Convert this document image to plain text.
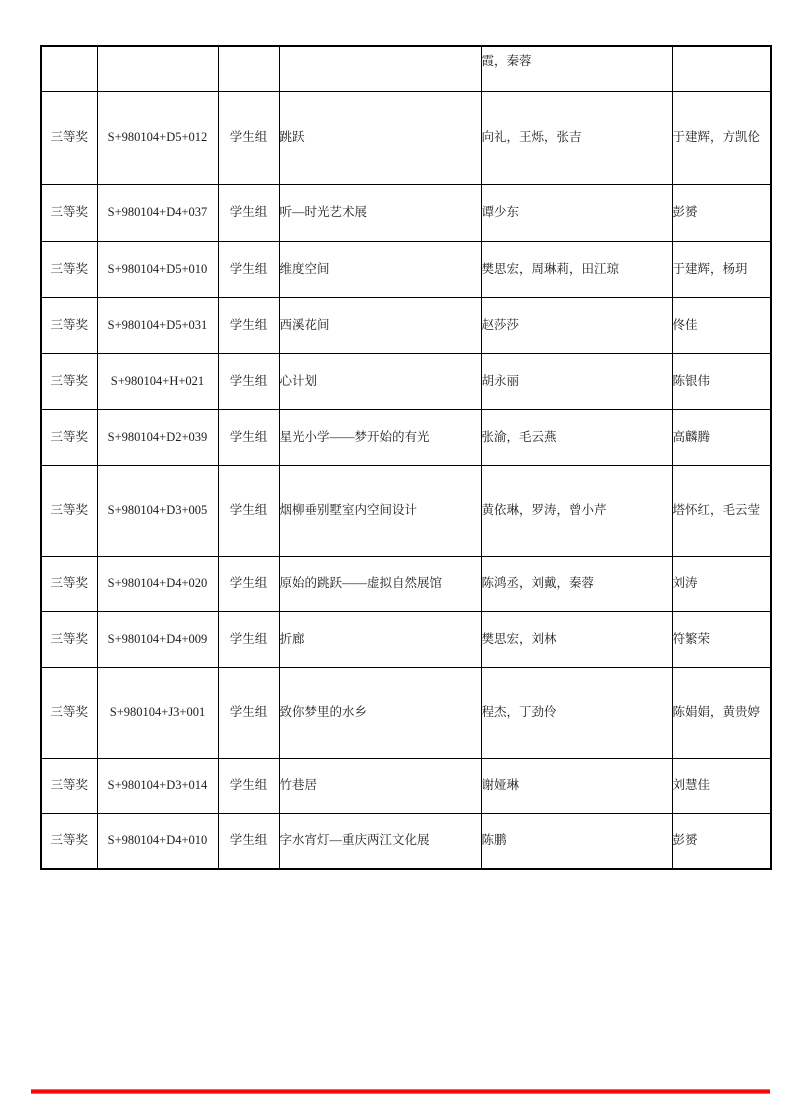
				霞，秦蓉	
三等奖	S+980104+D5+012	学生组	跳跃	向礼，王烁，张吉	于建辉，方凯伦
三等奖	S+980104+D4+037	学生组	听—时光艺术展	谭少东	彭赟
三等奖	S+980104+D5+010	学生组	维度空间	樊思宏，周琳莉，田江琼	于建辉，杨玥
三等奖	S+980104+D5+031	学生组	西溪花间	赵莎莎	佟佳
三等奖	S+980104+H+021	学生组	心计划	胡永丽	陈银伟
三等奖	S+980104+D2+039	学生组	星光小学——梦开始的有光	张渝，毛云燕	高麟腾
三等奖	S+980104+D3+005	学生组	烟柳垂别墅室内空间设计	黄依琳，罗涛，曾小芹	塔怀红，毛云莹
三等奖	S+980104+D4+020	学生组	原始的跳跃——虚拟自然展馆	陈鸿丞，刘戴，秦蓉	刘涛
三等奖	S+980104+D4+009	学生组	折廊	樊思宏，刘林	符繁荣
三等奖	S+980104+J3+001	学生组	致你梦里的水乡	程杰，丁劲伶	陈娟娟，黄贵婷
三等奖	S+980104+D3+014	学生组	竹巷居	谢娅琳	刘慧佳
三等奖	S+980104+D4+010	学生组	字水宵灯—重庆两江文化展	陈鹏	彭赟
